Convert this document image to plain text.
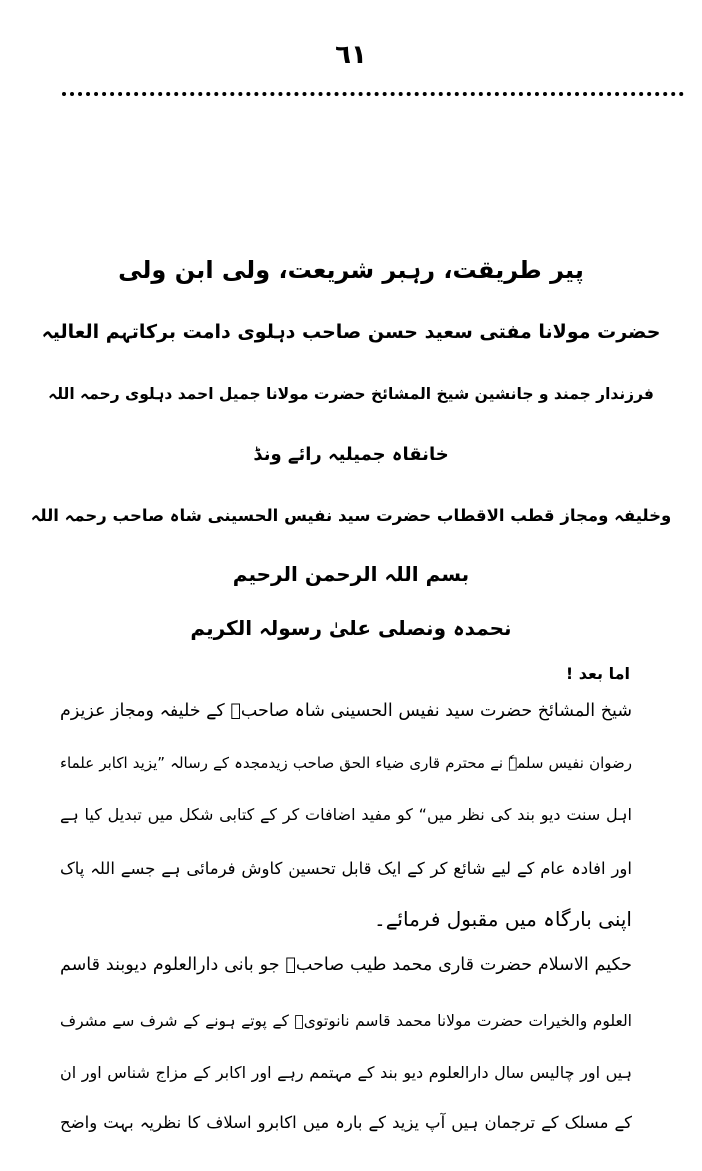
٦١
پیر طریقت، رہبر شریعت، ولی ابن ولی
حضرت مولانا مفتی سعید حسن صاحب دہلوی دامت برکاتہم العالیہ
فرزندار جمند و جانشین شیخ المشائخ حضرت مولانا جمیل احمد دہلوی رحمہ اللہ
خانقاہ جمیلیہ رائے ونڈ
وخلیفہ ومجاز قطب الاقطاب حضرت سید نفیس الحسینی شاہ صاحب رحمہ اللہ
بسم اللہ الرحمن الرحیم
نحمدہ ونصلی علیٰ رسولہ الکریم
اما بعد !
شیخ المشائخ حضرت سید نفیس الحسینی شاہ صاحبؒ کے خلیفہ ومجاز عزیزم
رضوان نفیس سلمہٗ نے محترم قاری ضیاء الحق صاحب زیدمجدہ کے رسالہ ”یزید اکابر علماء
اہل سنت دیو بند کی نظر میں“ کو مفید اضافات کر کے کتابی شکل میں تبدیل کیا ہے
اور افادہ عام کے لیے شائع کر کے ایک قابل تحسین کاوش فرمائی ہے جسے اللہ پاک
اپنی بارگاہ میں مقبول فرمائے۔
حکیم الاسلام حضرت قاری محمد طیب صاحبؒ جو بانی دارالعلوم دیوبند قاسم
العلوم والخیرات حضرت مولانا محمد قاسم نانوتویؒ کے پوتے ہونے کے شرف سے مشرف
ہیں اور چالیس سال دارالعلوم دیو بند کے مہتمم رہے اور اکابر کے مزاج شناس اور ان
کے مسلک کے ترجمان ہیں آپ یزید کے بارہ میں اکابرو اسلاف کا نظریہ بہت واضح
